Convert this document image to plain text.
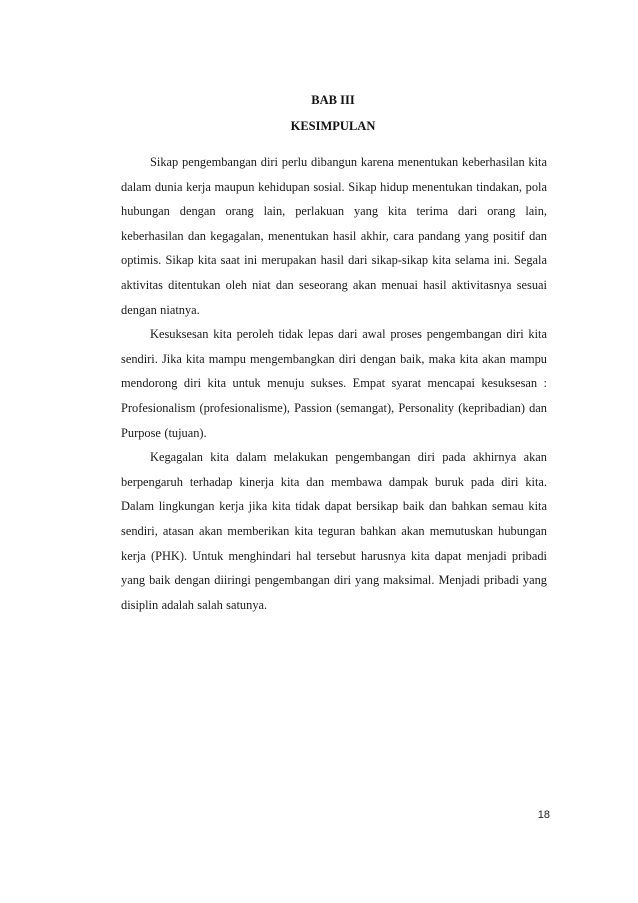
BAB III
KESIMPULAN

Sikap pengembangan diri perlu dibangun karena menentukan keberhasilan kita dalam dunia kerja maupun kehidupan sosial. Sikap hidup menentukan tindakan, pola hubungan dengan orang lain, perlakuan yang kita terima dari orang lain, keberhasilan dan kegagalan, menentukan hasil akhir, cara pandang yang positif dan optimis. Sikap kita saat ini merupakan hasil dari sikap-sikap kita selama ini. Segala aktivitas ditentukan oleh niat dan seseorang akan menuai hasil aktivitasnya sesuai dengan niatnya.

Kesuksesan kita peroleh tidak lepas dari awal proses pengembangan diri kita sendiri. Jika kita mampu mengembangkan diri dengan baik, maka kita akan mampu mendorong diri kita untuk menuju sukses. Empat syarat mencapai kesuksesan : Profesionalism (profesionalisme), Passion (semangat), Personality (kepribadian) dan Purpose (tujuan).

Kegagalan kita dalam melakukan pengembangan diri pada akhirnya akan berpengaruh terhadap kinerja kita dan membawa dampak buruk pada diri kita. Dalam lingkungan kerja jika kita tidak dapat bersikap baik dan bahkan semau kita sendiri, atasan akan memberikan kita teguran bahkan akan memutuskan hubungan kerja (PHK). Untuk menghindari hal tersebut harusnya kita dapat menjadi pribadi yang baik dengan diiringi pengembangan diri yang maksimal. Menjadi pribadi yang disiplin adalah salah satunya.

18
